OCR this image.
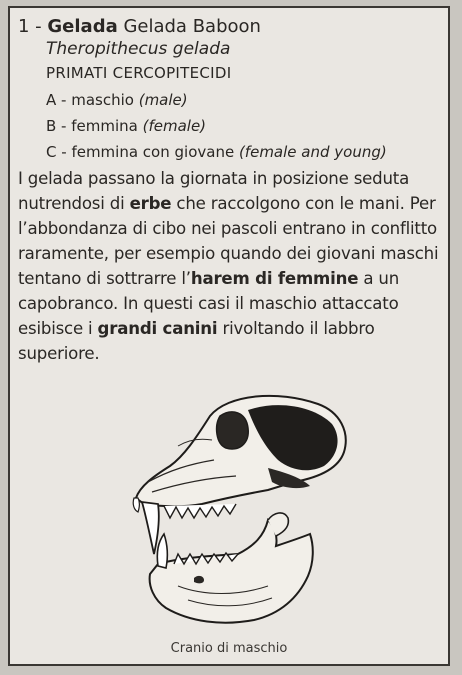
1 - Gelada Gelada Baboon
Theropithecus gelada
PRIMATI CERCOPITECIDI
A - maschio (male)
B - femmina (female)
C - femmina con giovane (female and young)
I gelada passano la giornata in posizione seduta nutrendosi di erbe che raccolgono con le mani. Per l’abbondanza di cibo nei pascoli entrano in conflitto raramente, per esempio quando dei giovani maschi tentano di sottrarre l’harem di femmine a un capobranco. In questi casi il maschio attaccato esibisce i grandi canini rivoltando il labbro superiore.
Cranio di maschio
